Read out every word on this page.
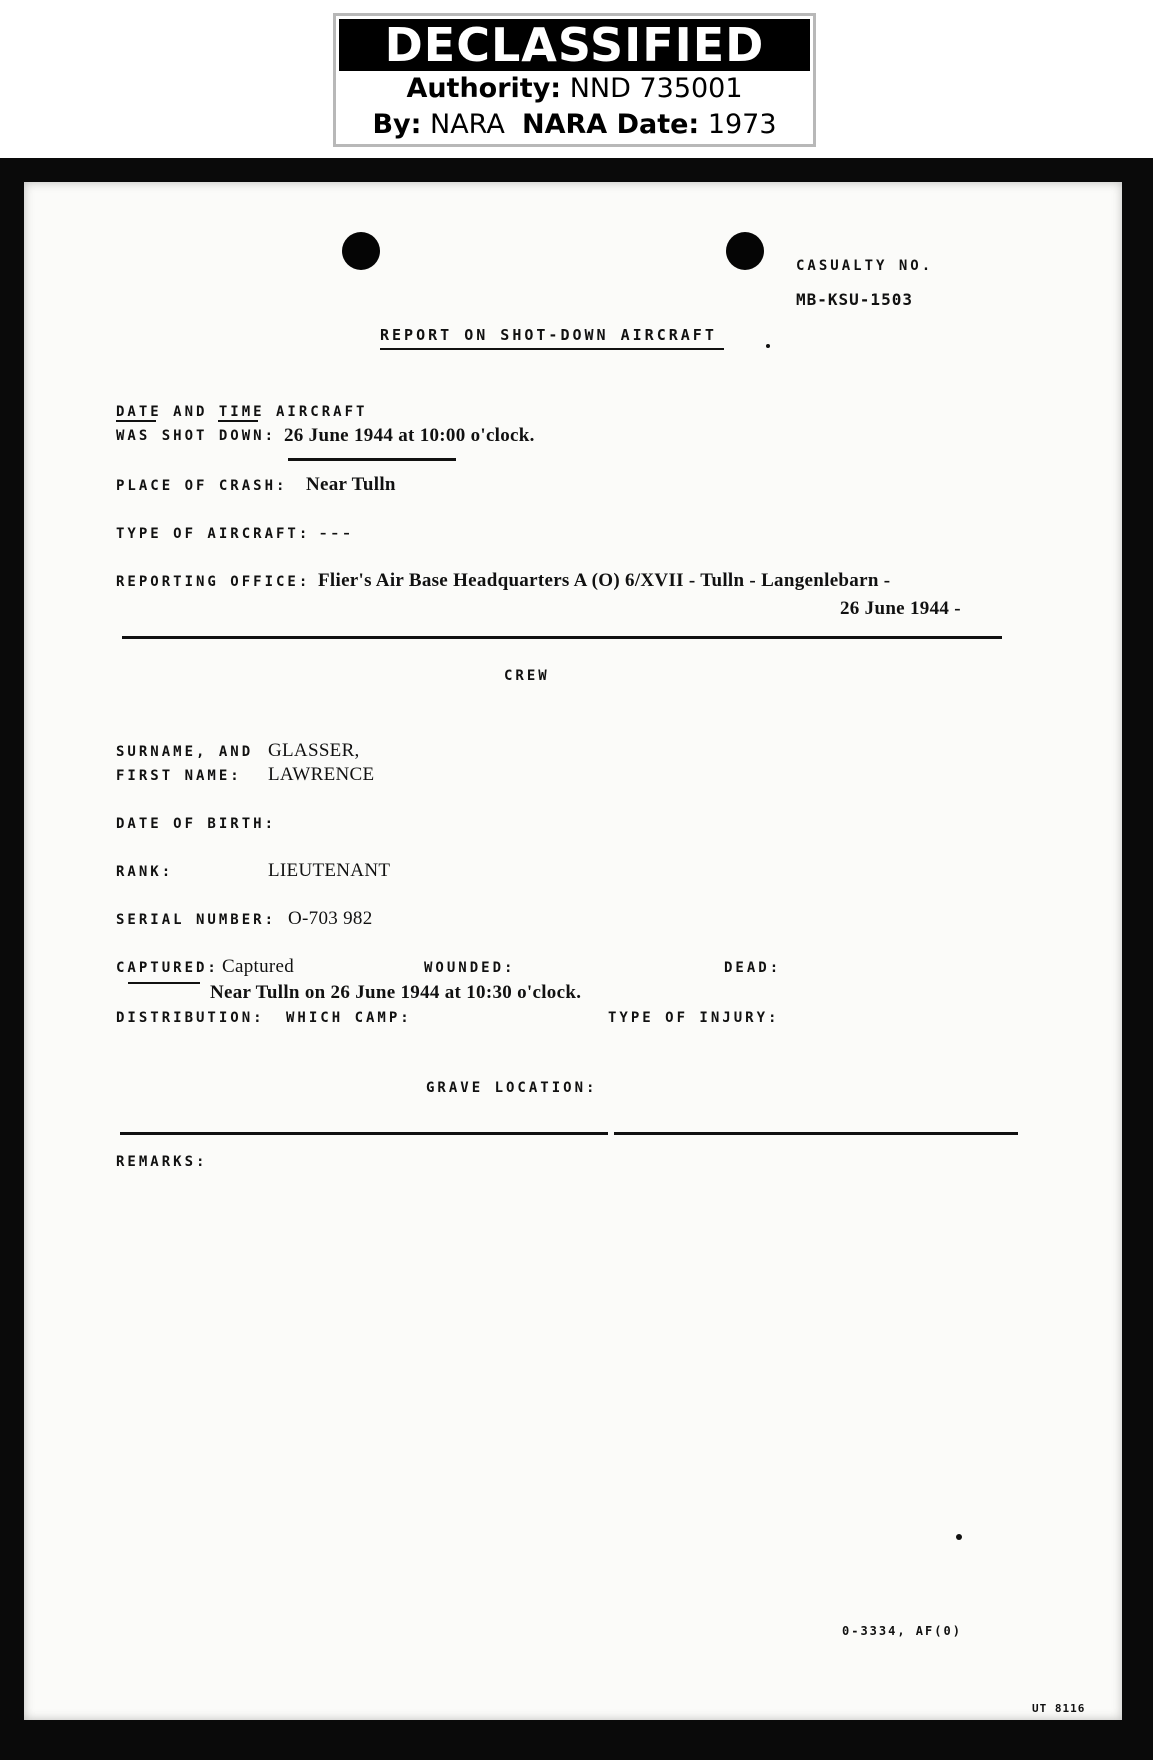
DECLASSIFIED
Authority: NND 735001
By: NARA NARA Date: 1973
CASUALTY NO.
MB-KSU-1503
REPORT ON SHOT-DOWN AIRCRAFT
DATE AND TIME AIRCRAFT
WAS SHOT DOWN: 26 June 1944 at 10:00 o'clock.
PLACE OF CRASH: Near Tulln
TYPE OF AIRCRAFT: - - -
REPORTING OFFICE: Flier's Air Base Headquarters A (O) 6/XVII - Tulln - Langenlebarn -
26 June 1944 -
CREW
SURNAME, AND GLASSER,
FIRST NAME: LAWRENCE
DATE OF BIRTH:
RANK:	LIEUTENANT
SERIAL NUMBER: O-703 982
CAPTURED: Captured	WOUNDED:	DEAD:
Near Tulln on 26 June 1944 at 10:30 o'clock.
DISTRIBUTION: WHICH CAMP:	TYPE OF INJURY:
GRAVE LOCATION:
REMARKS:
0-3334, AF(0)
UT 8116
